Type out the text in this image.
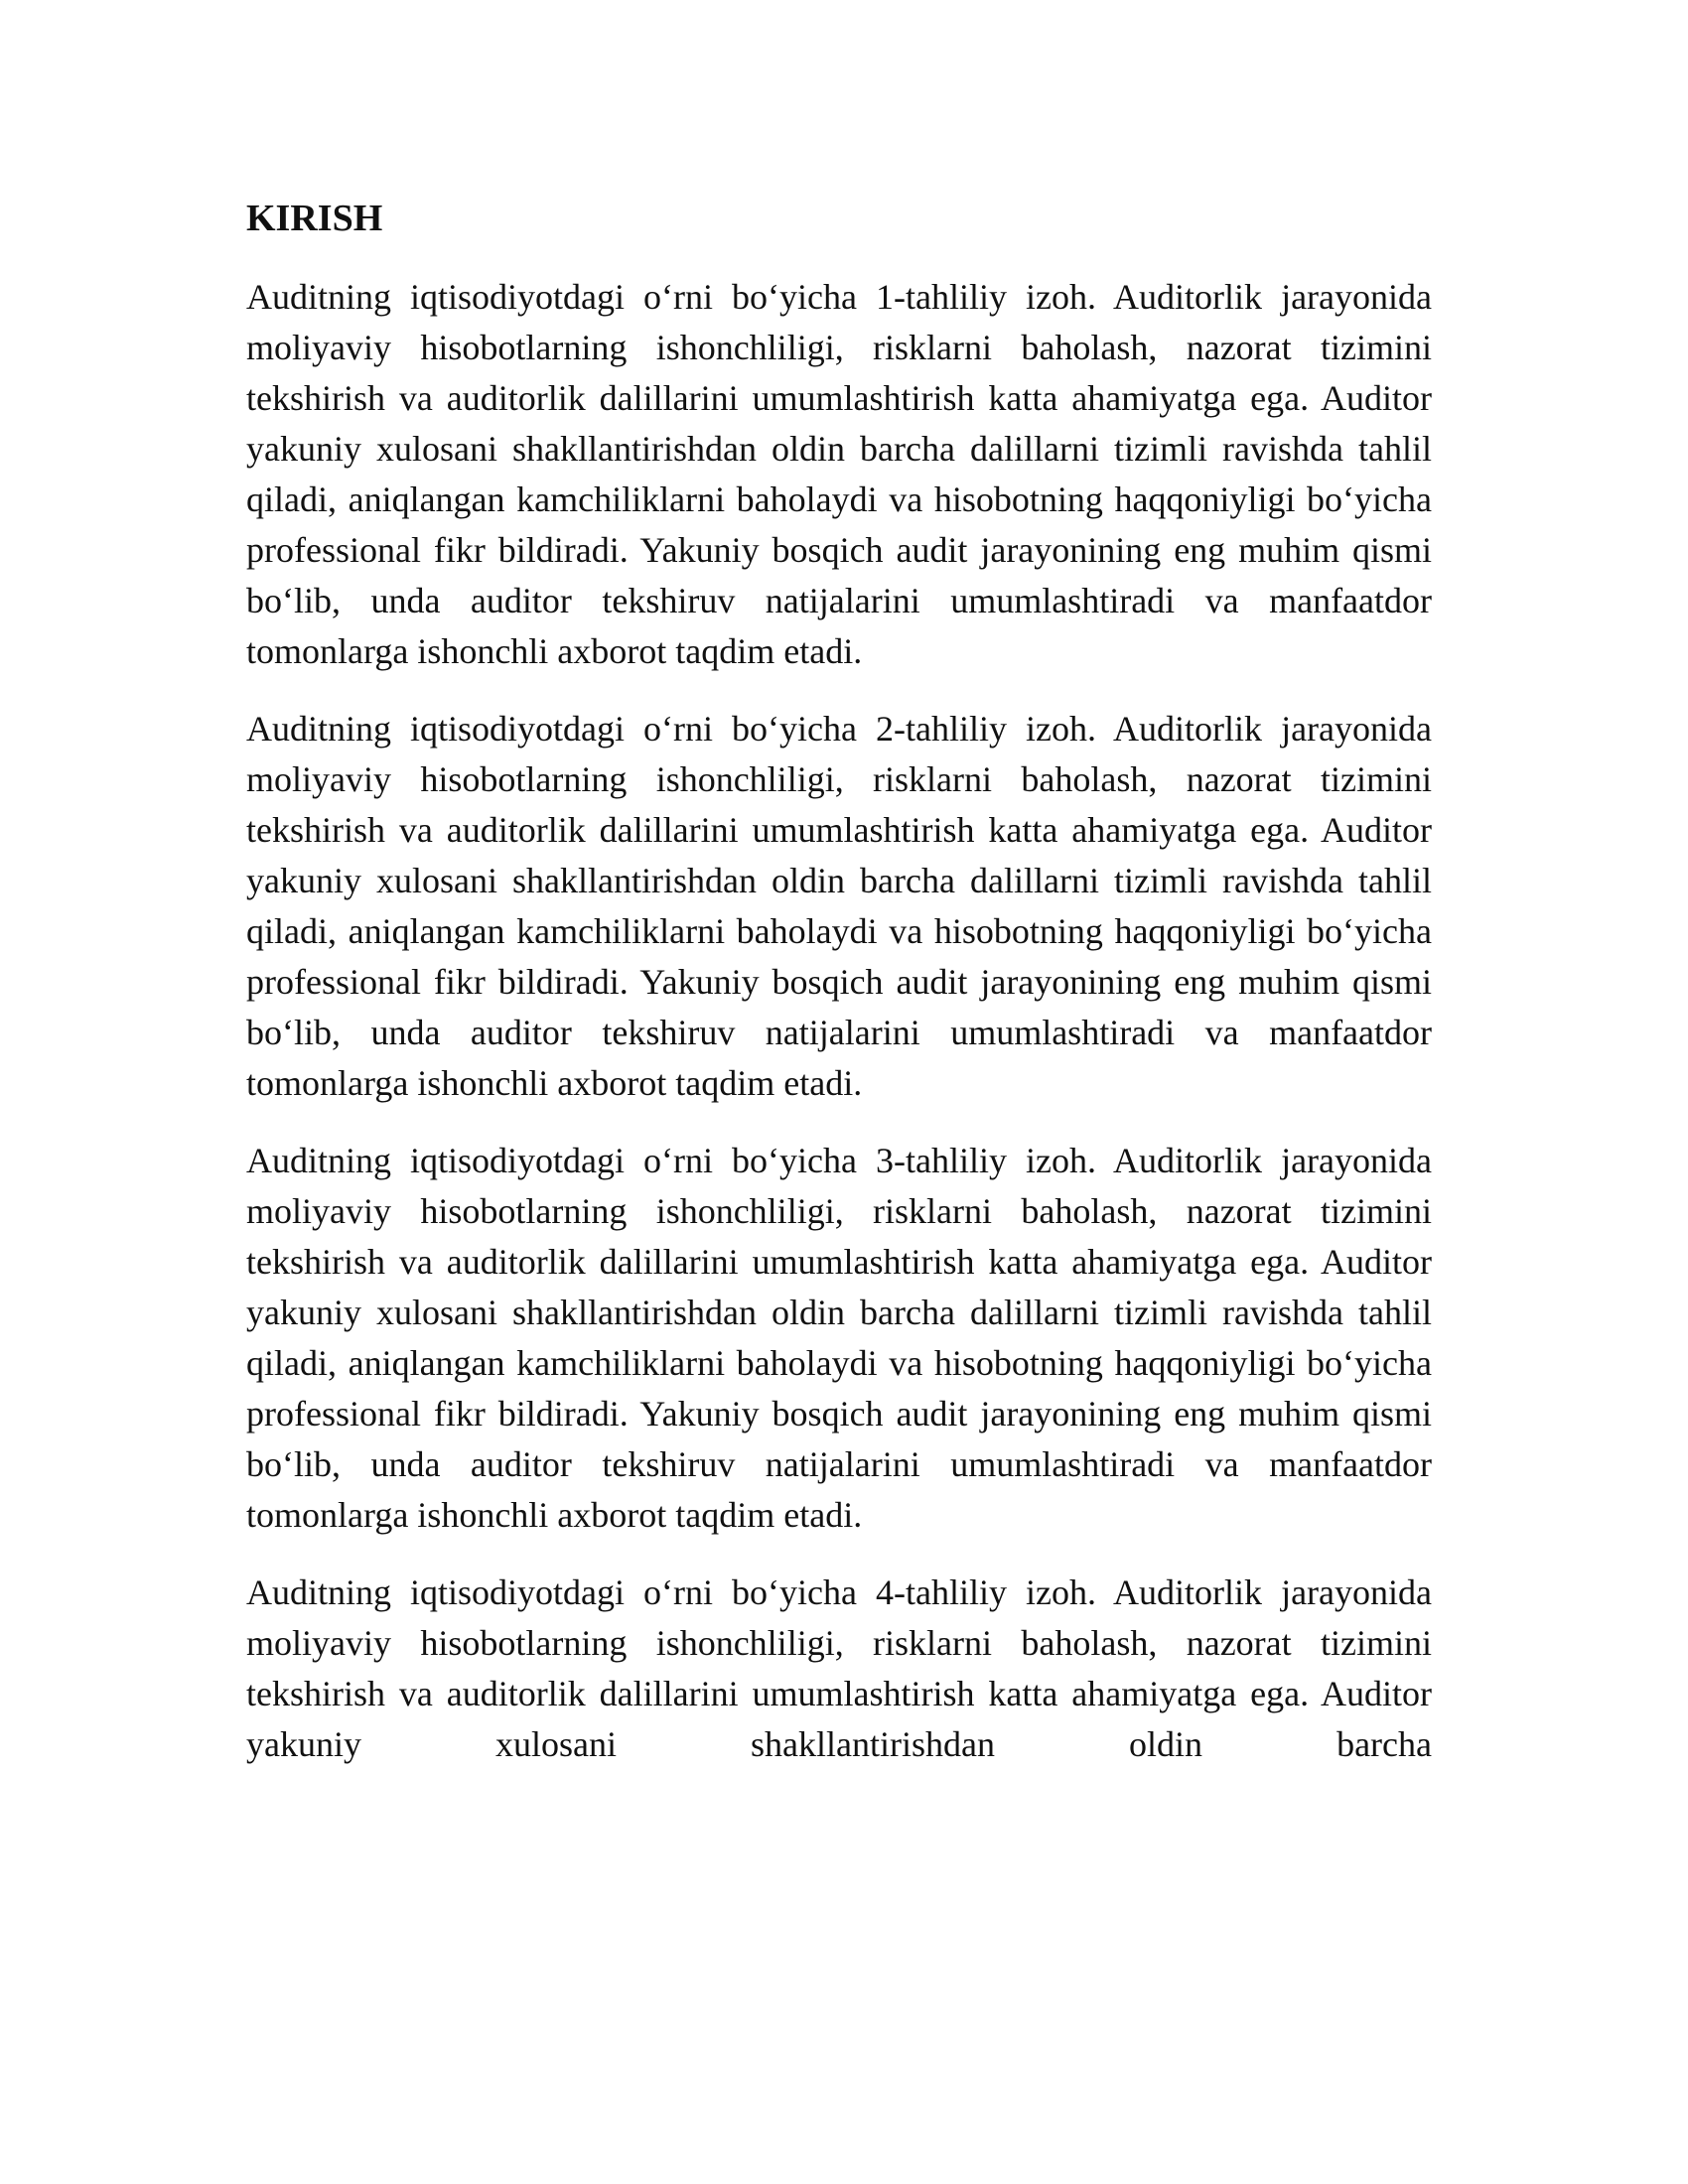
KIRISH

Auditning iqtisodiyotdagi o‘rni bo‘yicha 1-tahliliy izoh. Auditorlik jarayonida moliyaviy hisobotlarning ishonchliligi, risklarni baholash, nazorat tizimini tekshirish va auditorlik dalillarini umumlashtirish katta ahamiyatga ega. Auditor yakuniy xulosani shakllantirishdan oldin barcha dalillarni tizimli ravishda tahlil qiladi, aniqlangan kamchiliklarni baholaydi va hisobotning haqqoniyligi bo‘yicha professional fikr bildiradi. Yakuniy bosqich audit jarayonining eng muhim qismi bo‘lib, unda auditor tekshiruv natijalarini umumlashtiradi va manfaatdor tomonlarga ishonchli axborot taqdim etadi.

Auditning iqtisodiyotdagi o‘rni bo‘yicha 2-tahliliy izoh. Auditorlik jarayonida moliyaviy hisobotlarning ishonchliligi, risklarni baholash, nazorat tizimini tekshirish va auditorlik dalillarini umumlashtirish katta ahamiyatga ega. Auditor yakuniy xulosani shakllantirishdan oldin barcha dalillarni tizimli ravishda tahlil qiladi, aniqlangan kamchiliklarni baholaydi va hisobotning haqqoniyligi bo‘yicha professional fikr bildiradi. Yakuniy bosqich audit jarayonining eng muhim qismi bo‘lib, unda auditor tekshiruv natijalarini umumlashtiradi va manfaatdor tomonlarga ishonchli axborot taqdim etadi.

Auditning iqtisodiyotdagi o‘rni bo‘yicha 3-tahliliy izoh. Auditorlik jarayonida moliyaviy hisobotlarning ishonchliligi, risklarni baholash, nazorat tizimini tekshirish va auditorlik dalillarini umumlashtirish katta ahamiyatga ega. Auditor yakuniy xulosani shakllantirishdan oldin barcha dalillarni tizimli ravishda tahlil qiladi, aniqlangan kamchiliklarni baholaydi va hisobotning haqqoniyligi bo‘yicha professional fikr bildiradi. Yakuniy bosqich audit jarayonining eng muhim qismi bo‘lib, unda auditor tekshiruv natijalarini umumlashtiradi va manfaatdor tomonlarga ishonchli axborot taqdim etadi.

Auditning iqtisodiyotdagi o‘rni bo‘yicha 4-tahliliy izoh. Auditorlik jarayonida moliyaviy hisobotlarning ishonchliligi, risklarni baholash, nazorat tizimini tekshirish va auditorlik dalillarini umumlashtirish katta ahamiyatga ega. Auditor yakuniy xulosani shakllantirishdan oldin barcha
